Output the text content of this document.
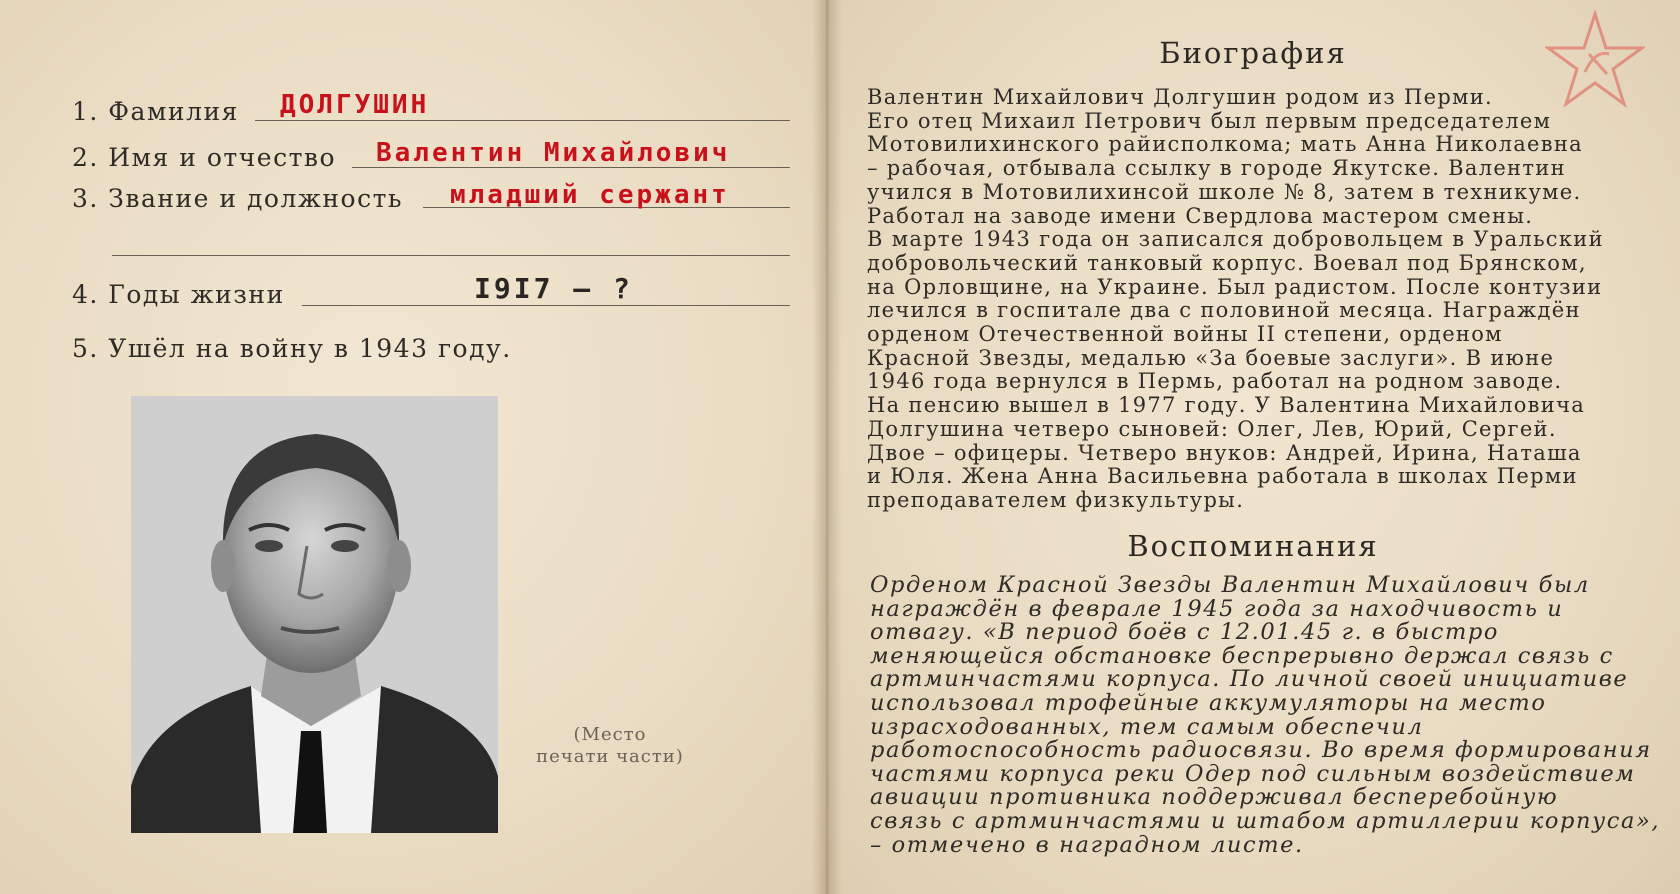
1. Фамилия ДОЛГУШИН
2. Имя и отчество Валентин Михайлович
3. Звание и должность младший сержант
4. Годы жизни	I9I7 — ?
5. Ушёл на войну в 1943 году.
(Место
печати части)
Биография
Валентин Михайлович Долгушин родом из Перми.
Его отец Михаил Петрович был первым председателем
Мотовилихинского райисполкома; мать Анна Николаевна
– рабочая, отбывала ссылку в городе Якутске. Валентин
учился в Мотовилихинсой школе № 8, затем в техникуме.
Работал на заводе имени Свердлова мастером смены.
В марте 1943 года он записался добровольцем в Уральский
добровольческий танковый корпус. Воевал под Брянском,
на Орловщине, на Украине. Был радистом. После контузии
лечился в госпитале два с половиной месяца. Награждён
орденом Отечественной войны II степени, орденом
Красной Звезды, медалью «За боевые заслуги». В июне
1946 года вернулся в Пермь, работал на родном заводе.
На пенсию вышел в 1977 году. У Валентина Михайловича
Долгушина четверо сыновей: Олег, Лев, Юрий, Сергей.
Двое – офицеры. Четверо внуков: Андрей, Ирина, Наташа
и Юля. Жена Анна Васильевна работала в школах Перми
преподавателем физкультуры.
Воспоминания
Орденом Красной Звезды Валентин Михайлович был
награждён в феврале 1945 года за находчивость и
отвагу. «В период боёв с 12.01.45 г. в быстро
меняющейся обстановке беспрерывно держал связь с
артминчастями корпуса. По личной своей инициативе
использовал трофейные аккумуляторы на место
израсходованных, тем самым обеспечил
работоспособность радиосвязи. Во время формирования
частями корпуса реки Одер под сильным воздействием
авиации противника поддерживал бесперебойную
связь с артминчастями и штабом артиллерии корпуса»,
– отмечено в наградном листе.
